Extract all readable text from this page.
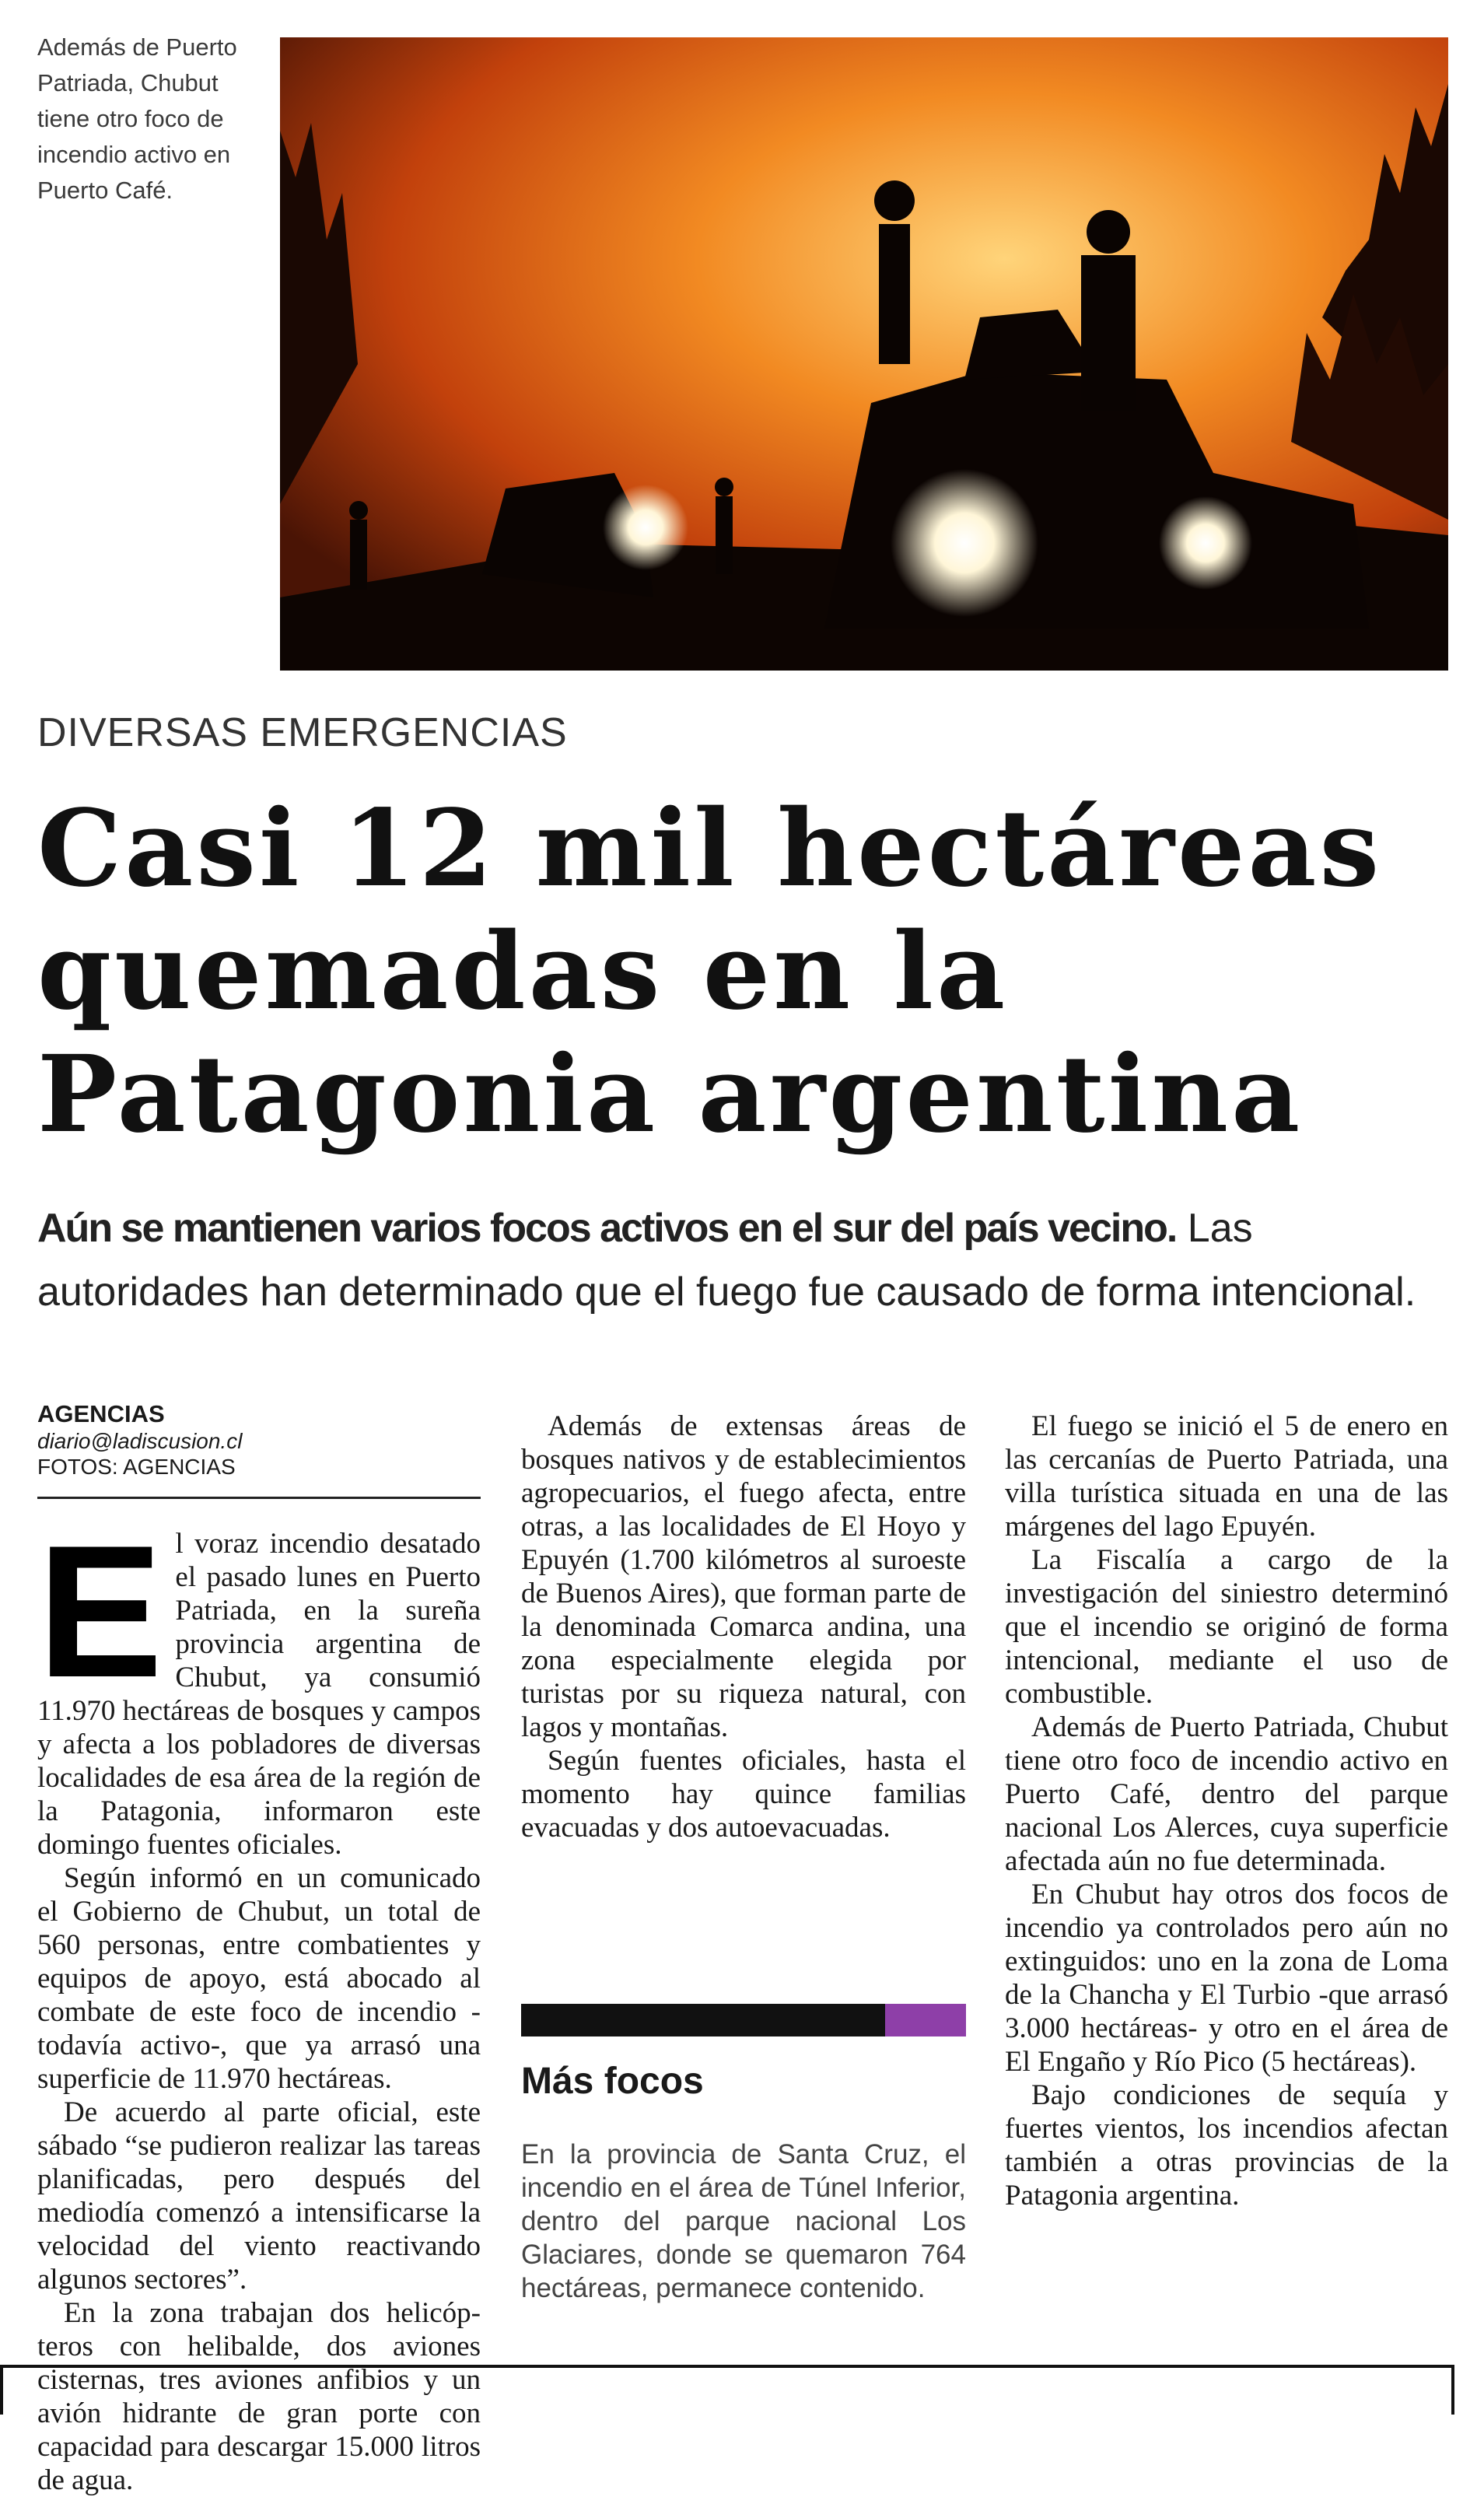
Además de Puerto Patriada, Chubut tiene otro foco de incendio activo en Puerto Café.
DIVERSAS EMERGENCIAS
Casi 12 mil hectáreas quemadas en la Patagonia argentina
Aún se mantienen varios focos activos en el sur del país vecino. Las autoridades han determinado que el fuego fue causado de forma intencional.
AGENCIAS
diario@ladiscusion.cl
FOTOS: AGENCIAS

El voraz incendio desatado el pasado lunes en Puerto Patriada, en la sureña provincia argentina de Chubut, ya consumió 11.970 hectáreas de bosques y campos y afecta a los pobladores de diversas localidades de esa área de la región de la Patagonia, informaron este domingo fuentes oficiales.

Según informó en un comunicado el Gobierno de Chubut, un total de 560 personas, entre combatientes y equipos de apoyo, está abocado al combate de este foco de incendio -todavía activo-, que ya arrasó una superficie de 11.970 hectáreas.

De acuerdo al parte oficial, este sábado “se pudieron realizar las tareas planificadas, pero después del mediodía comenzó a intensificarse la velocidad del viento reactivando algunos sectores”.

En la zona trabajan dos helicóp-teros con helibalde, dos aviones cisternas, tres aviones anfibios y un avión hidrante de gran porte con capacidad para descargar 15.000 litros de agua.

Además de extensas áreas de bosques nativos y de establecimientos agropecuarios, el fuego afecta, entre otras, a las localidades de El Hoyo y Epuyén (1.700 kilómetros al suroeste de Buenos Aires), que forman parte de la denominada Comarca andina, una zona especialmente elegida por turistas por su riqueza natural, con lagos y montañas.

Según fuentes oficiales, hasta el momento hay quince familias evacuadas y dos autoevacuadas.

Más focos
En la provincia de Santa Cruz, el incendio en el área de Túnel Inferior, dentro del parque nacional Los Glaciares, donde se quemaron 764 hectáreas, permanece contenido.

El fuego se inició el 5 de enero en las cercanías de Puerto Patriada, una villa turística situada en una de las márgenes del lago Epuyén.

La Fiscalía a cargo de la investigación del siniestro determinó que el incendio se originó de forma intencional, mediante el uso de combustible.

Además de Puerto Patriada, Chubut tiene otro foco de incendio activo en Puerto Café, dentro del parque nacional Los Alerces, cuya superficie afectada aún no fue determinada.

En Chubut hay otros dos focos de incendio ya controlados pero aún no extinguidos: uno en la zona de Loma de la Chancha y El Turbio -que arrasó 3.000 hectáreas- y otro en el área de El Engaño y Río Pico (5 hectáreas).

Bajo condiciones de sequía y fuertes vientos, los incendios afectan también a otras provincias de la Patagonia argentina.
